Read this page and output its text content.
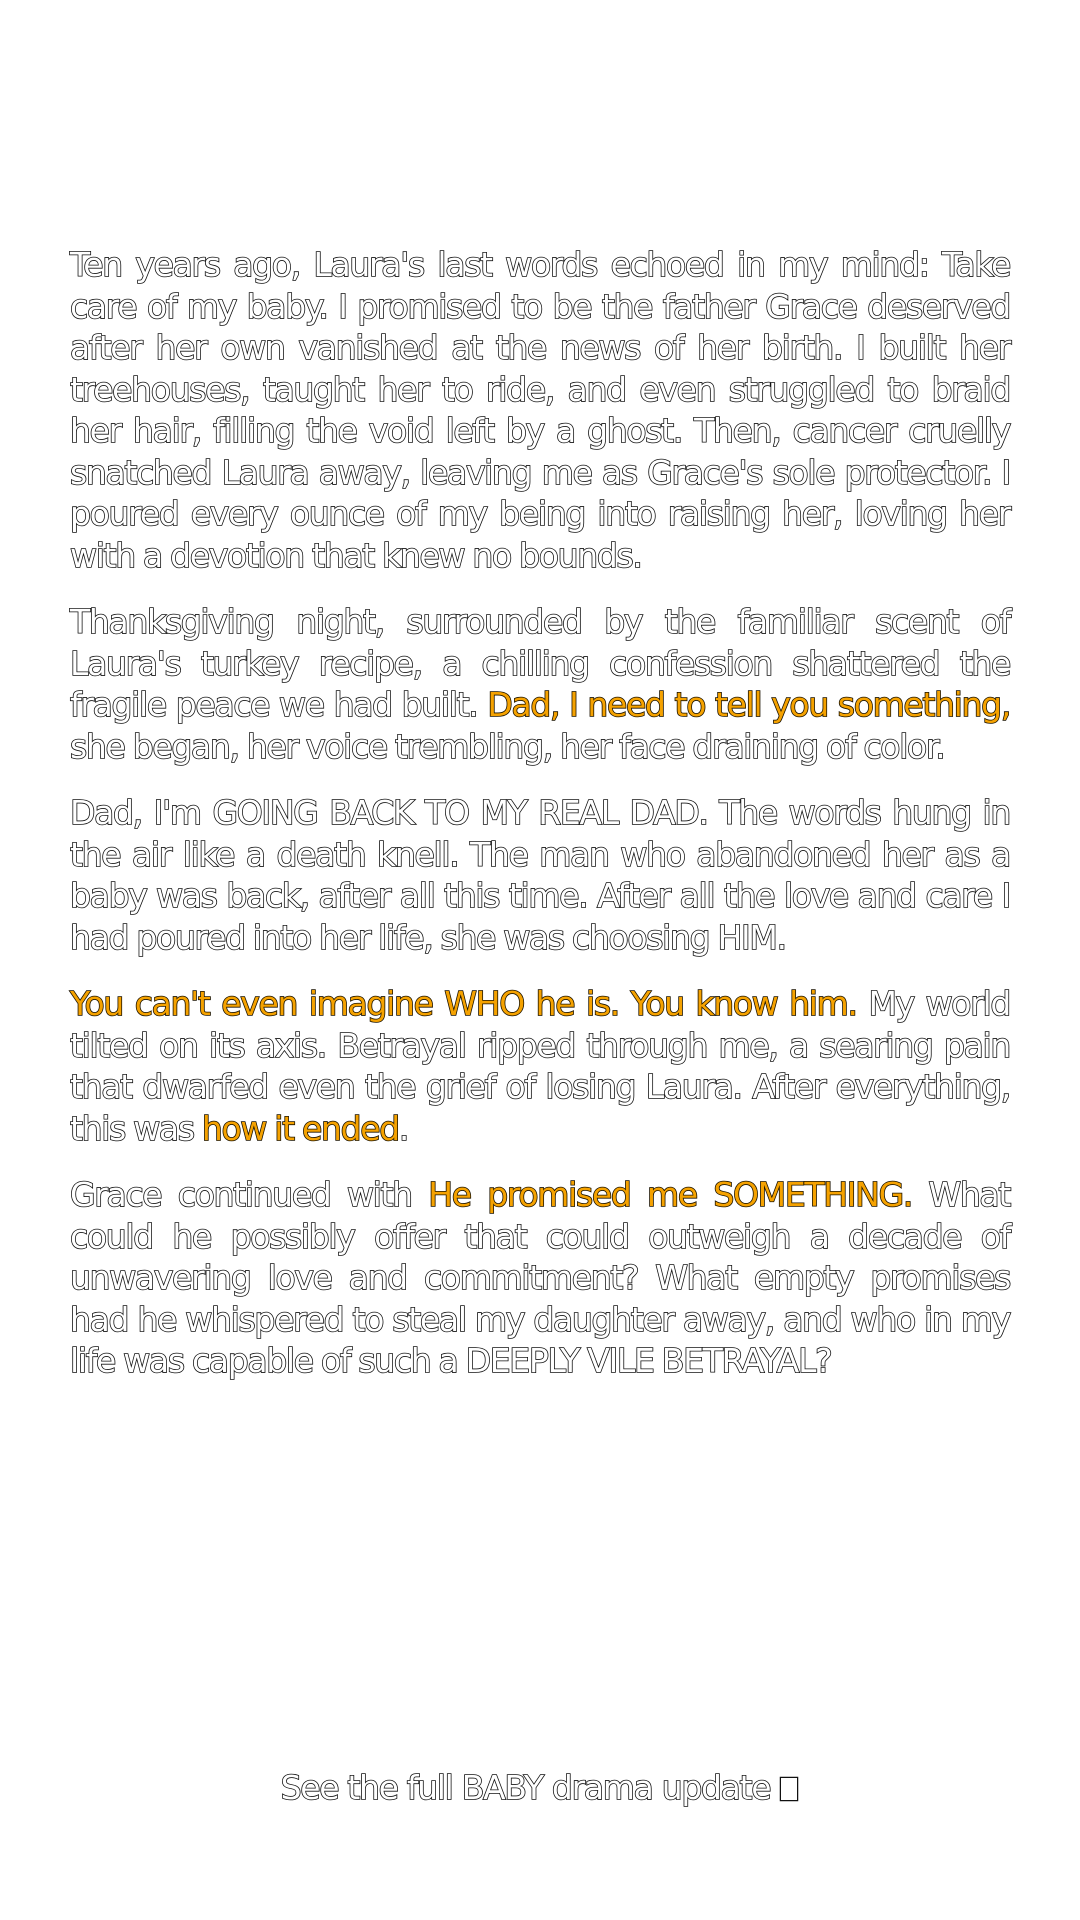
Ten years ago, Laura's last words echoed in my mind: Take care of my baby. I promised to be the father Grace deserved after her own vanished at the news of her birth. I built her treehouses, taught her to ride, and even struggled to braid her hair, filling the void left by a ghost. Then, cancer cruelly snatched Laura away, leaving me as Grace's sole protector. I poured every ounce of my being into raising her, loving her with a devotion that knew no bounds.

Thanksgiving night, surrounded by the familiar scent of Laura's turkey recipe, a chilling confession shattered the fragile peace we had built. Dad, I need to tell you something, she began, her voice trembling, her face draining of color.

Dad, I'm GOING BACK TO MY REAL DAD. The words hung in the air like a death knell. The man who abandoned her as a baby was back, after all this time. After all the love and care I had poured into her life, she was choosing HIM.

You can't even imagine WHO he is. You know him. My world tilted on its axis. Betrayal ripped through me, a searing pain that dwarfed even the grief of losing Laura. After everything, this was how it ended.

Grace continued with He promised me SOMETHING. What could he possibly offer that could outweigh a decade of unwavering love and commitment? What empty promises had he whispered to steal my daughter away, and who in my life was capable of such a DEEPLY VILE BETRAYAL?

See the full BABY drama update
